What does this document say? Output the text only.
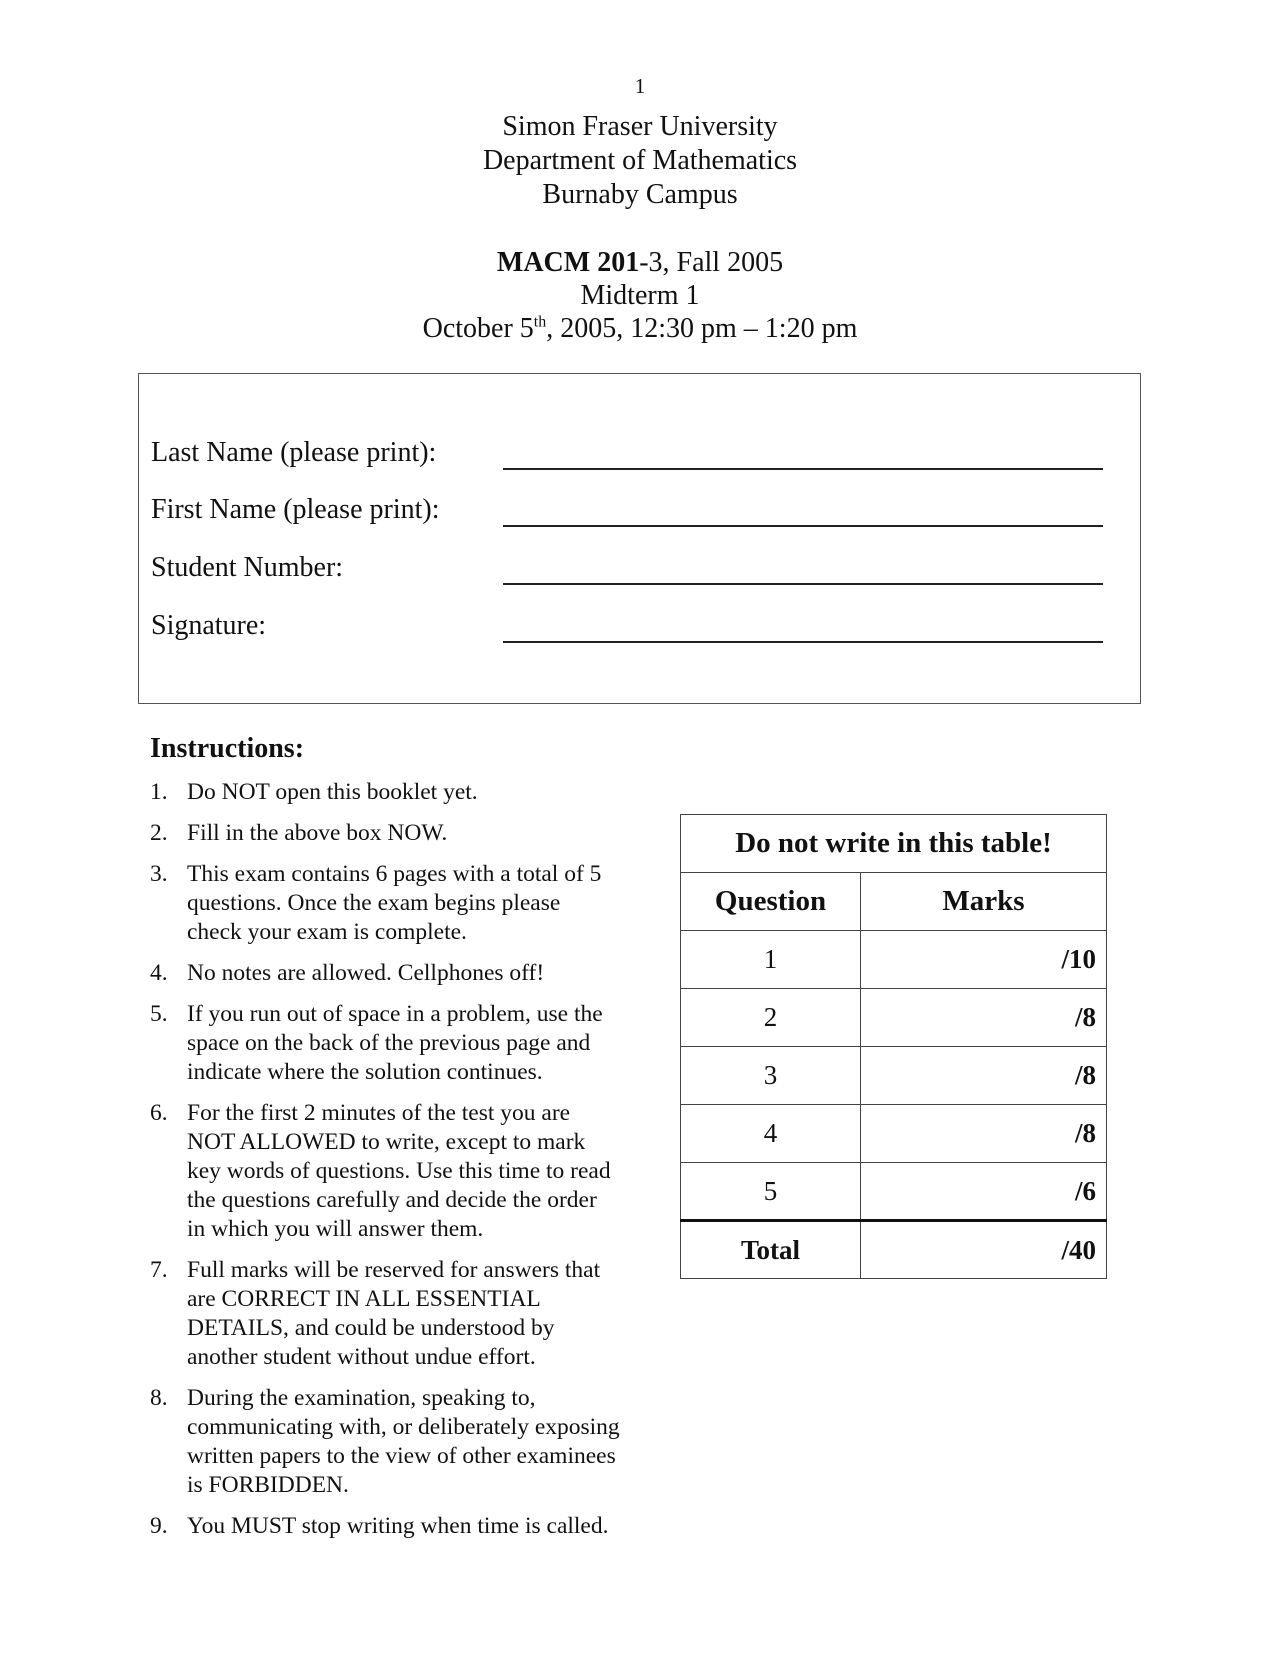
1
Simon Fraser University
Department of Mathematics
Burnaby Campus
MACM 201-3, Fall 2005
Midterm 1
October 5th, 2005, 12:30 pm – 1:20 pm
Last Name (please print):
First Name (please print):
Student Number:
Signature:
Instructions:
1. Do NOT open this booklet yet.
2. Fill in the above box NOW.
3. This exam contains 6 pages with a total of 5 questions. Once the exam begins please check your exam is complete.
4. No notes are allowed. Cellphones off!
5. If you run out of space in a problem, use the space on the back of the previous page and indicate where the solution continues.
6. For the first 2 minutes of the test you are NOT ALLOWED to write, except to mark key words of questions. Use this time to read the questions carefully and decide the order in which you will answer them.
7. Full marks will be reserved for answers that are CORRECT IN ALL ESSENTIAL DETAILS, and could be understood by another student without undue effort.
8. During the examination, speaking to, communicating with, or deliberately exposing written papers to the view of other examinees is FORBIDDEN.
9. You MUST stop writing when time is called.
Do not write in this table!	
Question	Marks
1	/10
2	/8
3	/8
4	/8
5	/6
Total	/40
